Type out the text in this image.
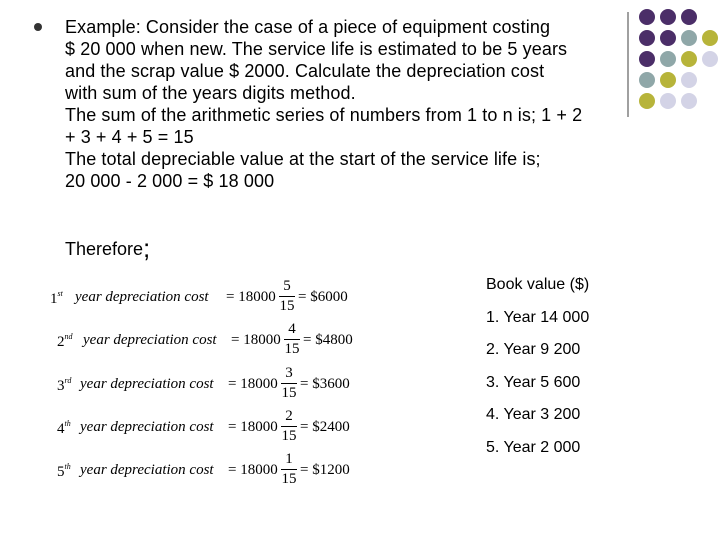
Example: Consider the case of a piece of equipment costing
$ 20 000 when new. The service life is estimated to be 5 years
and the scrap value $ 2000. Calculate the depreciation cost
with sum of the years digits method.
The sum of the arithmetic series of numbers from 1 to n is; 1 + 2
+ 3 + 4 + 5 = 15
The total depreciable value at the start of the service life is;
20 000 - 2 000 = $ 18 000
Therefore;
1st year depreciation cost = 18000
5
15
= $6000
2nd year depreciation cost = 18000
4
15
= $4800
3rd year depreciation cost = 18000
3
15
= $3600
4th year depreciation cost = 18000
2
15
= $2400
5th year depreciation cost = 18000
1
15
= $1200
Book value ($)
1. Year 14 000
2. Year 9 200
3. Year 5 600
4. Year 3 200
5. Year 2 000
